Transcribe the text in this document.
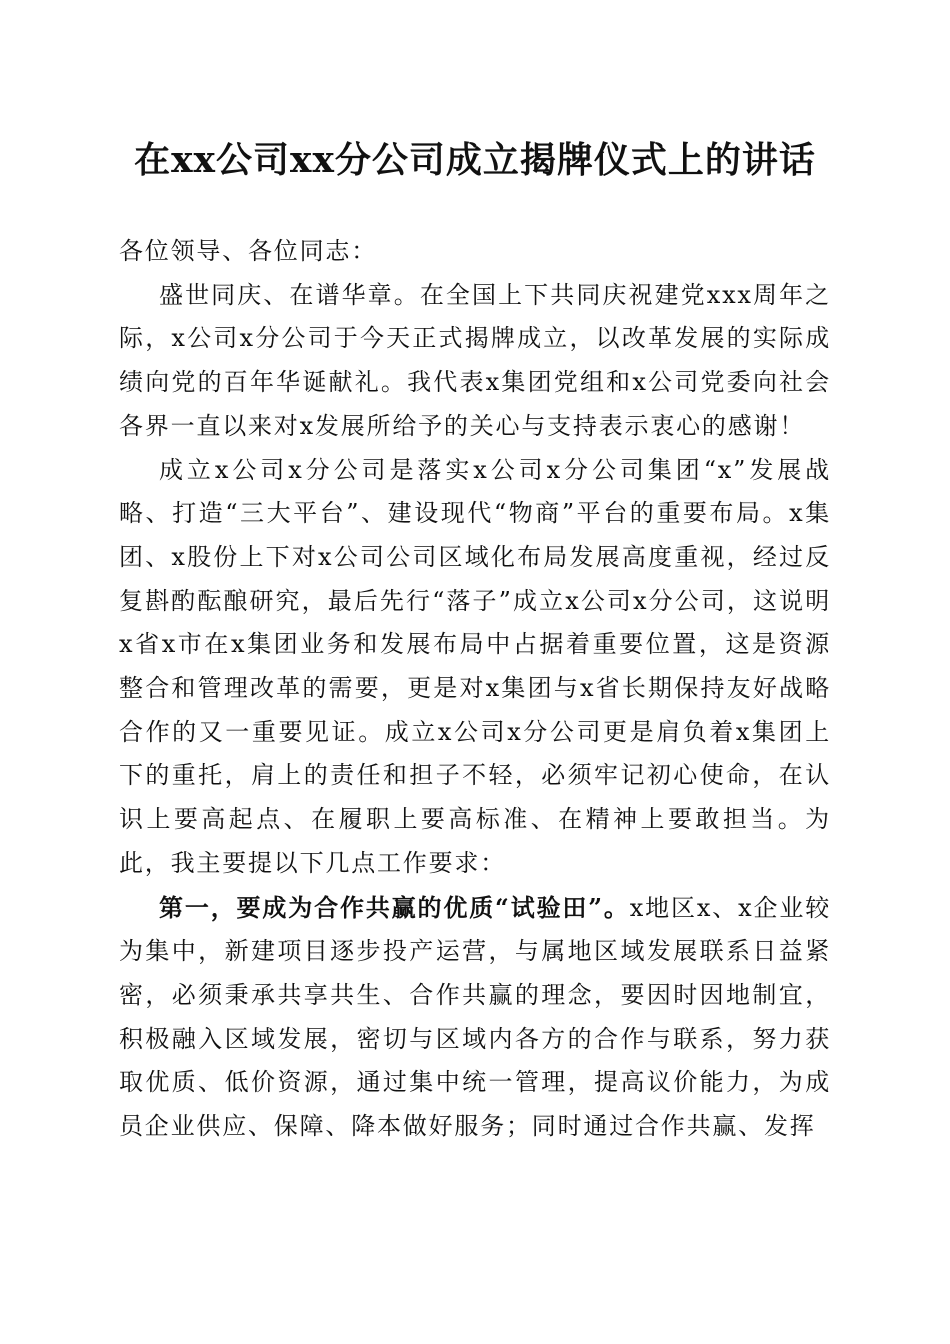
在xx公司xx分公司成立揭牌仪式上的讲话

各位领导、各位同志：

盛世同庆、在谱华章。在全国上下共同庆祝建党xxx周年之际，x公司x分公司于今天正式揭牌成立，以改革发展的实际成绩向党的百年华诞献礼。我代表x集团党组和x公司党委向社会各界一直以来对x发展所给予的关心与支持表示衷心的感谢！

成立x公司x分公司是落实x公司x分公司集团“x”发展战略、打造“三大平台”、建设现代“物商”平台的重要布局。x集团、x股份上下对x公司公司区域化布局发展高度重视，经过反复斟酌酝酿研究，最后先行“落子”成立x公司x分公司，这说明x省x市在x集团业务和发展布局中占据着重要位置，这是资源整合和管理改革的需要，更是对x集团与x省长期保持友好战略合作的又一重要见证。成立x公司x分公司更是肩负着x集团上下的重托，肩上的责任和担子不轻，必须牢记初心使命，在认识上要高起点、在履职上要高标准、在精神上要敢担当。为此，我主要提以下几点工作要求：

第一，要成为合作共赢的优质“试验田”。x地区x、x企业较为集中，新建项目逐步投产运营，与属地区域发展联系日益紧密，必须秉承共享共生、合作共赢的理念，要因时因地制宜，积极融入区域发展，密切与区域内各方的合作与联系，努力获取优质、低价资源，通过集中统一管理，提高议价能力，为成员企业供应、保障、降本做好服务；同时通过合作共赢、发挥
